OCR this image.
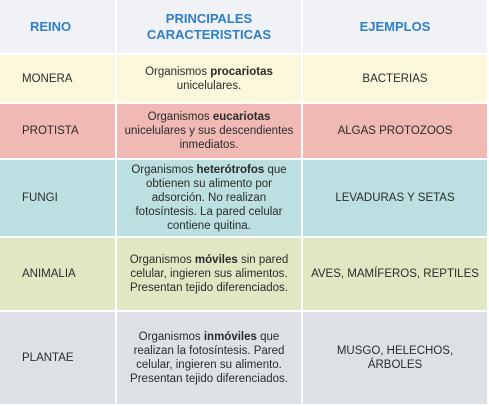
REINO
PRINCIPALES CARACTERISTICAS
EJEMPLOS
MONERA
Organismos procariotas unicelulares.
BACTERIAS
PROTISTA
Organismos eucariotas unicelulares y sus descendientes inmediatos.
ALGAS PROTOZOOS
FUNGI
Organismos heterótrofos que obtienen su alimento por adsorción. No realizan fotosíntesis. La pared celular contiene quitina.
LEVADURAS Y SETAS
ANIMALIA
Organismos móviles sin pared celular, ingieren sus alimentos. Presentan tejido diferenciados.
AVES, MAMÍFEROS, REPTILES
PLANTAE
Organismos inmóviles que realizan la fotosíntesis. Pared celular, ingieren su alimento. Presentan tejido diferenciados.
MUSGO, HELECHOS, ÁRBOLES
